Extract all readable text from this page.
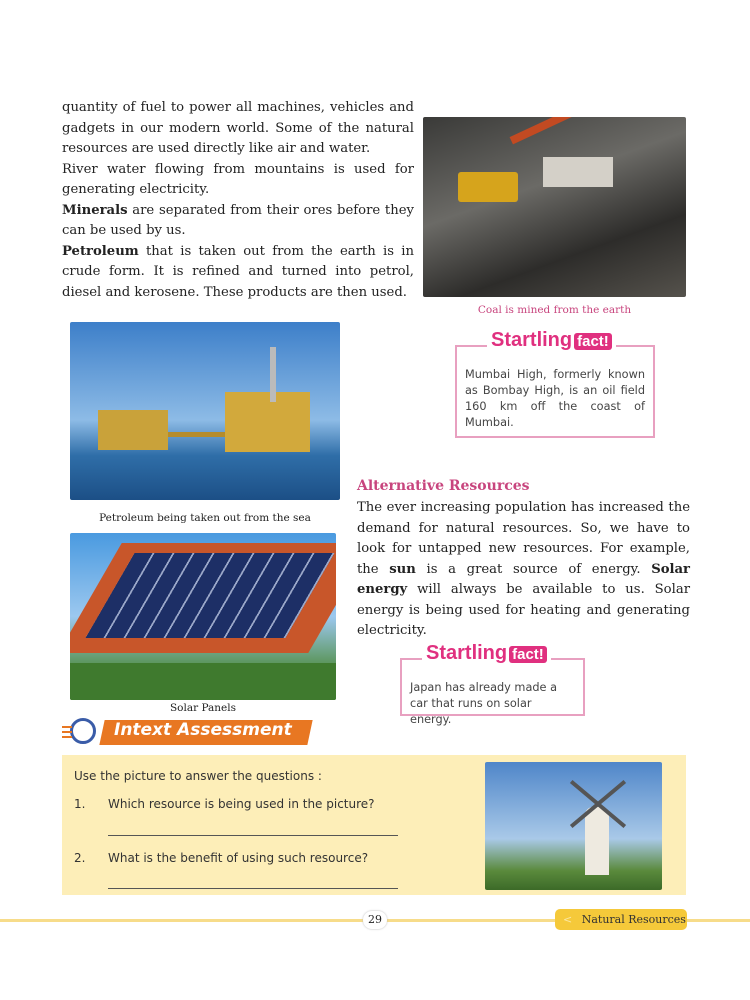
quantity of fuel to power all machines, vehicles and gadgets in our modern world. Some of the natural resources are used directly like air and water.

River water flowing from mountains is used for generating electricity.

Minerals are separated from their ores before they can be used by us.

Petroleum that is taken out from the earth is in crude form. It is refined and turned into petrol, diesel and kerosene. These products are then used.

Coal is mined from the earth
Startling fact!
Mumbai High, formerly known as Bombay High, is an oil field 160 km off the coast of Mumbai.
Petroleum being taken out from the sea
Alternative Resources
The ever increasing population has increased the demand for natural resources. So, we have to look for untapped new resources. For example, the sun is a great source of energy. Solar energy will always be available to us. Solar energy is being used for heating and generating electricity.
Solar Panels
Startling fact!
Japan has already made a car that runs on solar energy.
Intext Assessment
Use the picture to answer the questions :
1. Which resource is being used in the picture?
2. What is the benefit of using such resource?
29	< Natural Resources
